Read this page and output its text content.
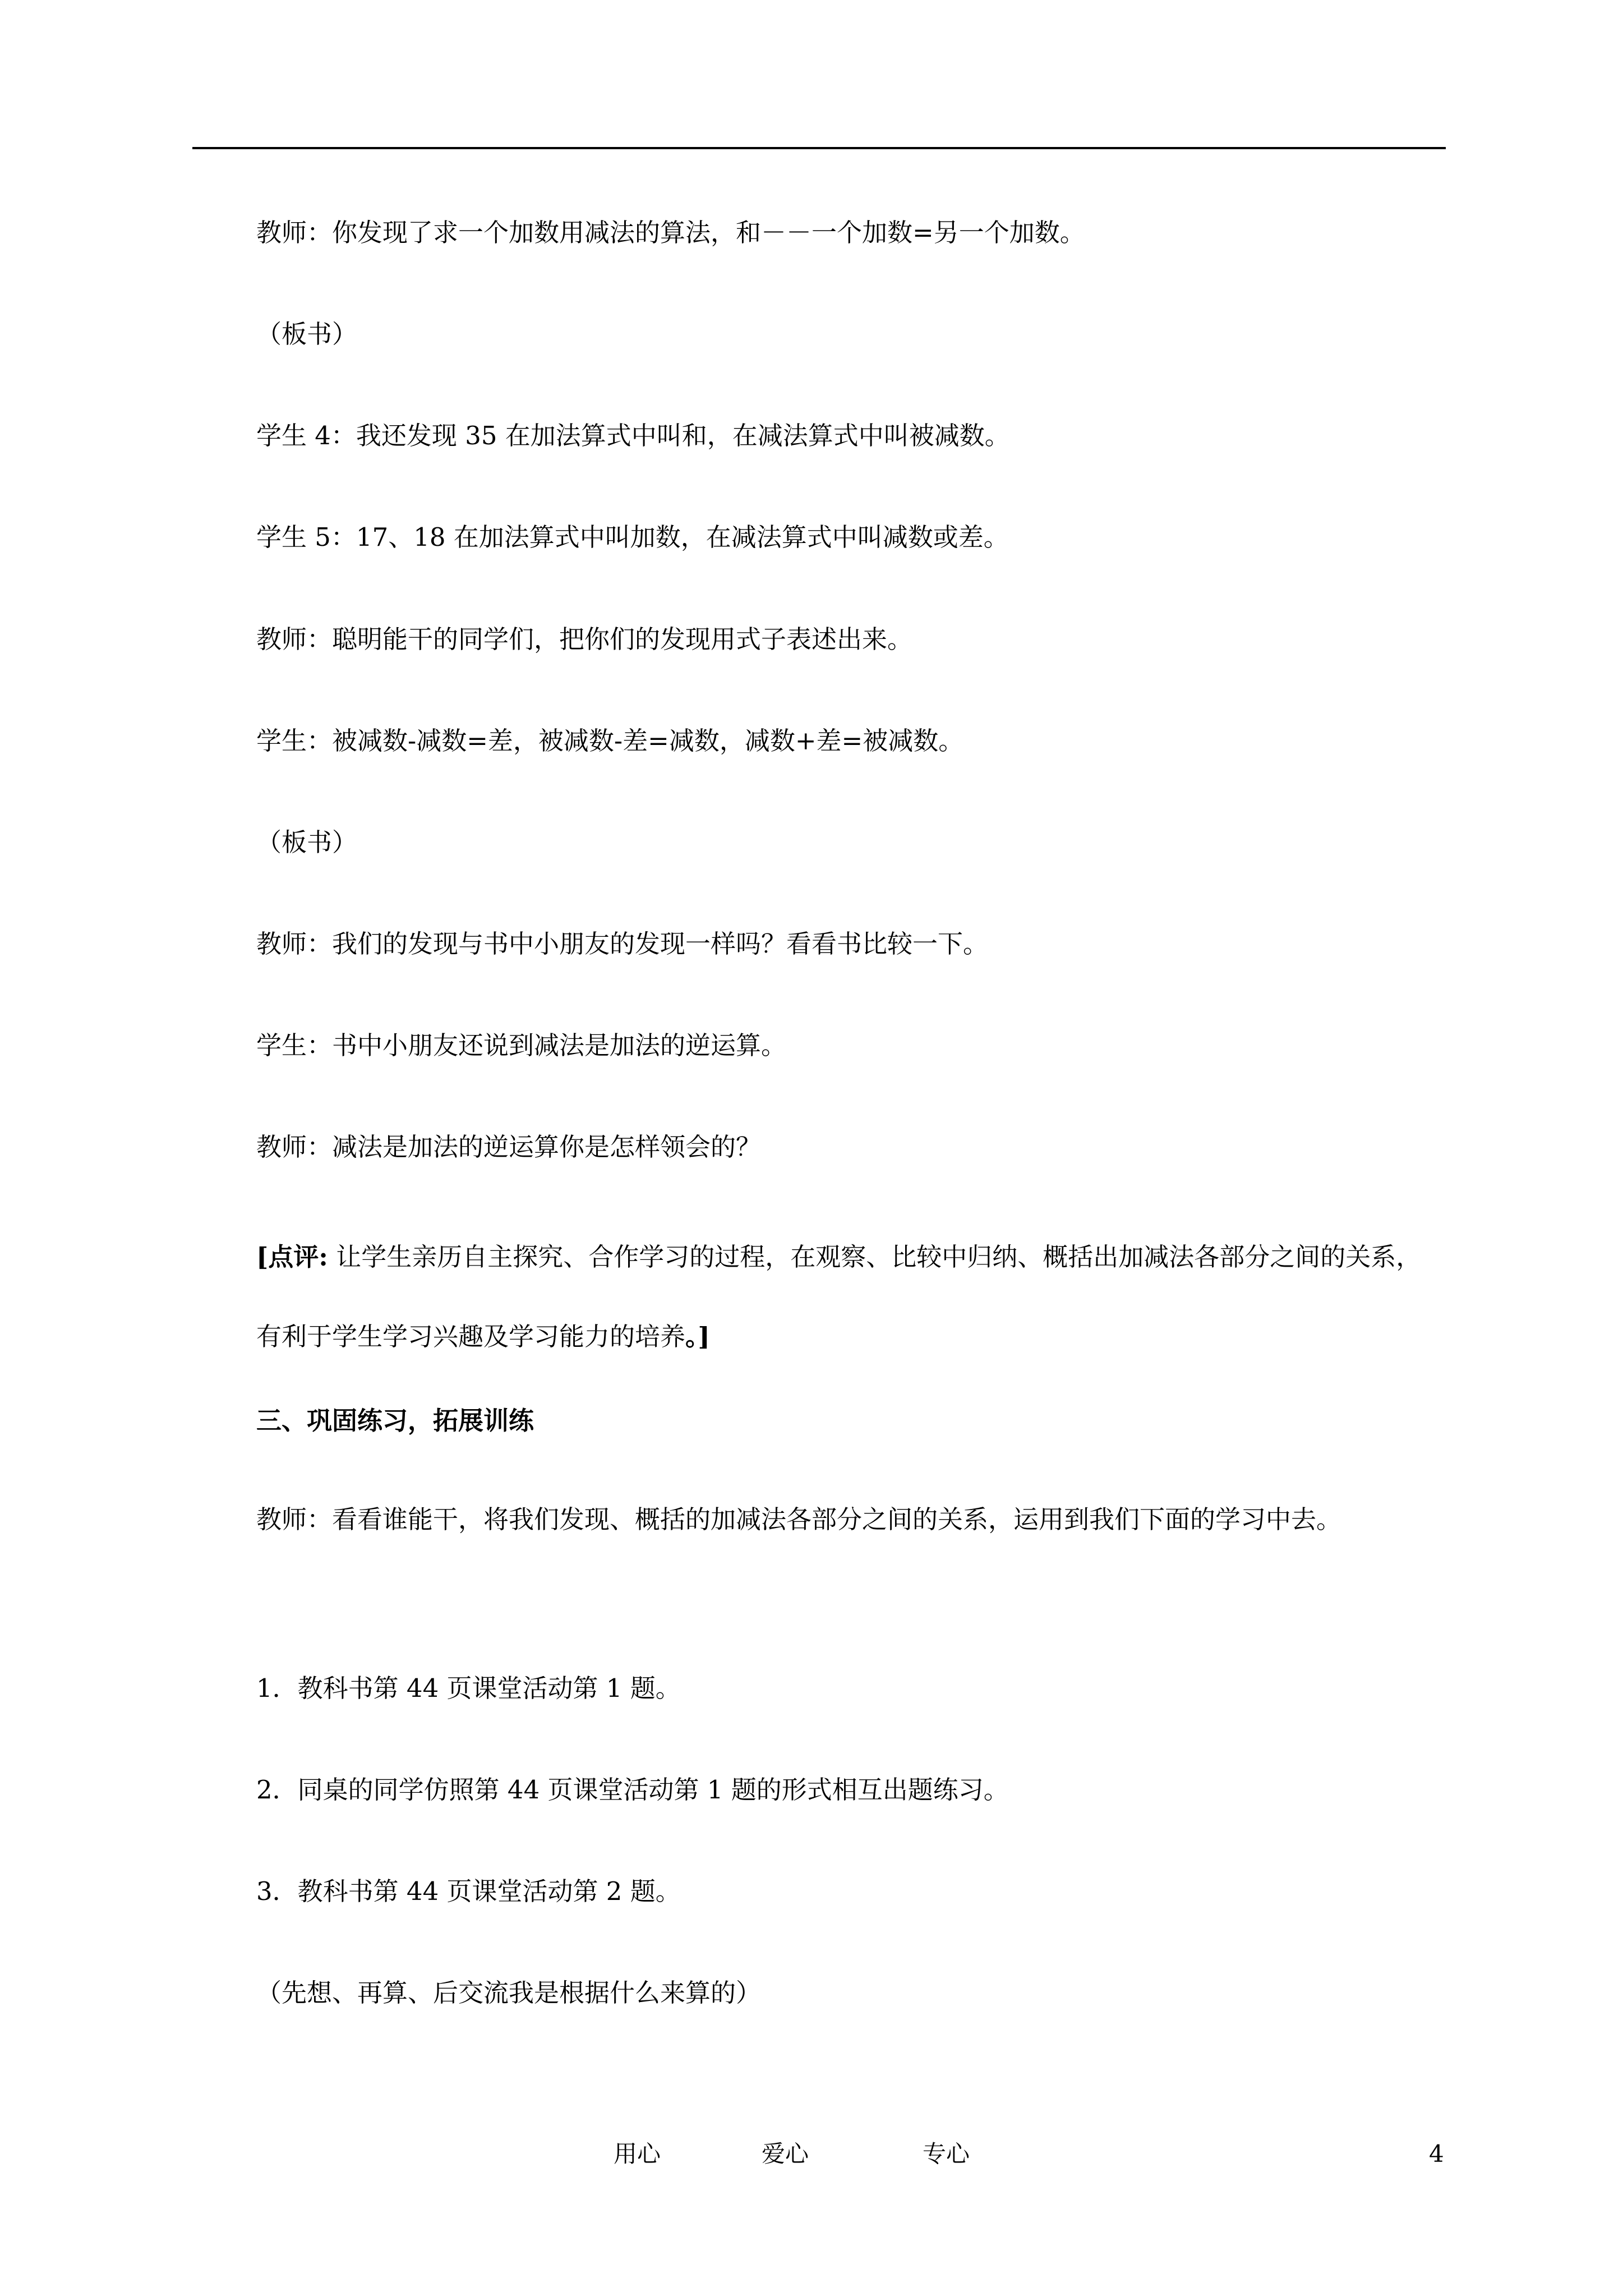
教师：你发现了求一个加数用减法的算法，和－－一个加数=另一个加数。
（板书）
学生 4：我还发现 35 在加法算式中叫和，在减法算式中叫被减数。
学生 5：17、18 在加法算式中叫加数，在减法算式中叫减数或差。
教师：聪明能干的同学们，把你们的发现用式子表述出来。
学生：被减数-减数=差，被减数-差=减数，减数+差=被减数。
（板书）
教师：我们的发现与书中小朋友的发现一样吗？看看书比较一下。
学生：书中小朋友还说到减法是加法的逆运算。
教师：减法是加法的逆运算你是怎样领会的？
[点评: 让学生亲历自主探究、合作学习的过程，在观察、比较中归纳、概括出加减法各部分之间的关系，有利于学生学习兴趣及学习能力的培养。]
三、巩固练习，拓展训练
教师：看看谁能干，将我们发现、概括的加减法各部分之间的关系，运用到我们下面的学习中去。
1．教科书第 44 页课堂活动第 1 题。
2．同桌的同学仿照第 44 页课堂活动第 1 题的形式相互出题练习。
3．教科书第 44 页课堂活动第 2 题。
（先想、再算、后交流我是根据什么来算的）
用心	爱心	专心	4
